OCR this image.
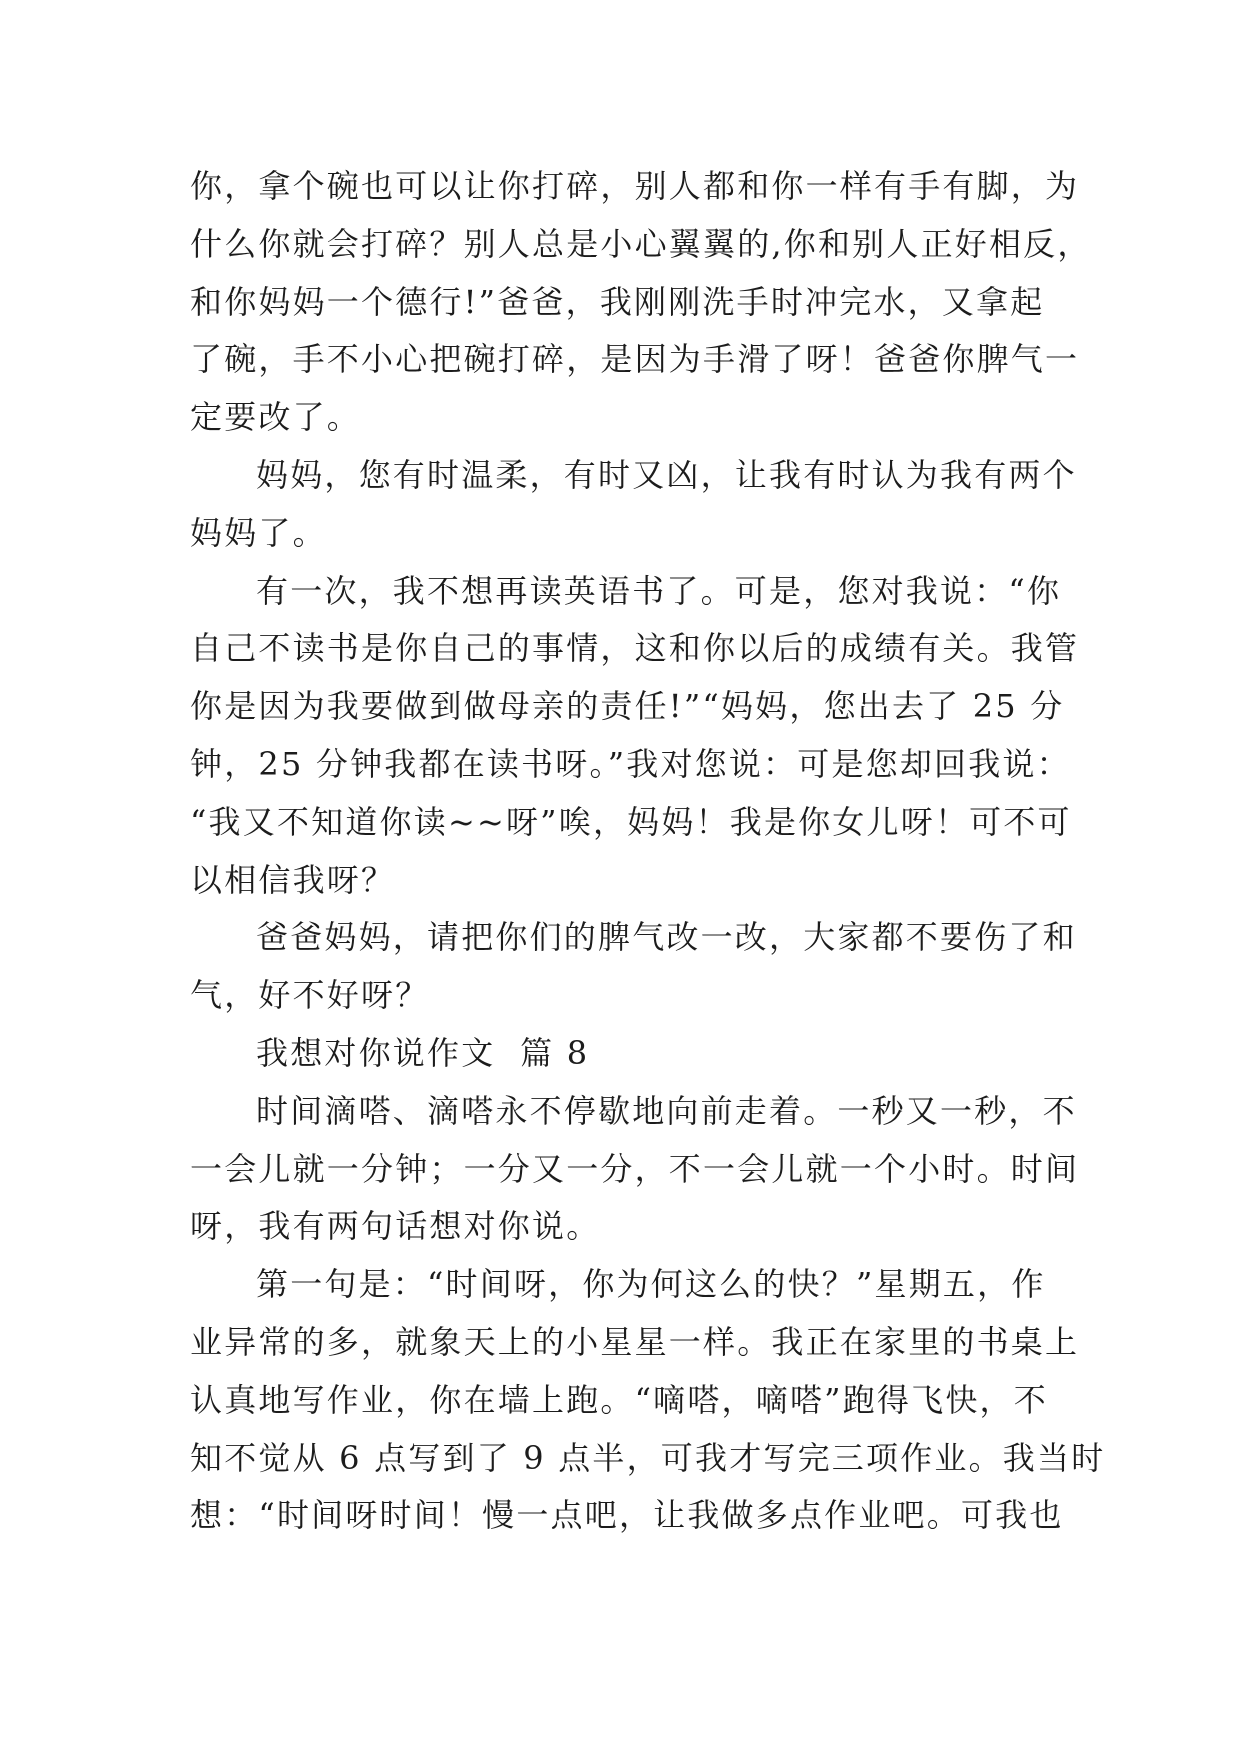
你，拿个碗也可以让你打碎，别人都和你一样有手有脚，为
什么你就会打碎？别人总是小心翼翼的,你和别人正好相反，
和你妈妈一个德行!”爸爸，我刚刚洗手时冲完水，又拿起
了碗，手不小心把碗打碎，是因为手滑了呀！爸爸你脾气一
定要改了。
妈妈，您有时温柔，有时又凶，让我有时认为我有两个
妈妈了。
有一次，我不想再读英语书了。可是，您对我说：“你
自己不读书是你自己的事情，这和你以后的成绩有关。我管
你是因为我要做到做母亲的责任!”“妈妈，您出去了 25 分
钟，25 分钟我都在读书呀。”我对您说：可是您却回我说：
“我又不知道你读~~呀”唉，妈妈！我是你女儿呀！可不可
以相信我呀？
爸爸妈妈，请把你们的脾气改一改，大家都不要伤了和
气，好不好呀？
我想对你说作文  篇 8
时间滴嗒、滴嗒永不停歇地向前走着。一秒又一秒，不
一会儿就一分钟；一分又一分，不一会儿就一个小时。时间
呀，我有两句话想对你说。
第一句是：“时间呀，你为何这么的快？”星期五，作
业异常的多，就象天上的小星星一样。我正在家里的书桌上
认真地写作业，你在墙上跑。“嘀嗒，嘀嗒”跑得飞快，不
知不觉从 6 点写到了 9 点半，可我才写完三项作业。我当时
想：“时间呀时间！慢一点吧，让我做多点作业吧。可我也
